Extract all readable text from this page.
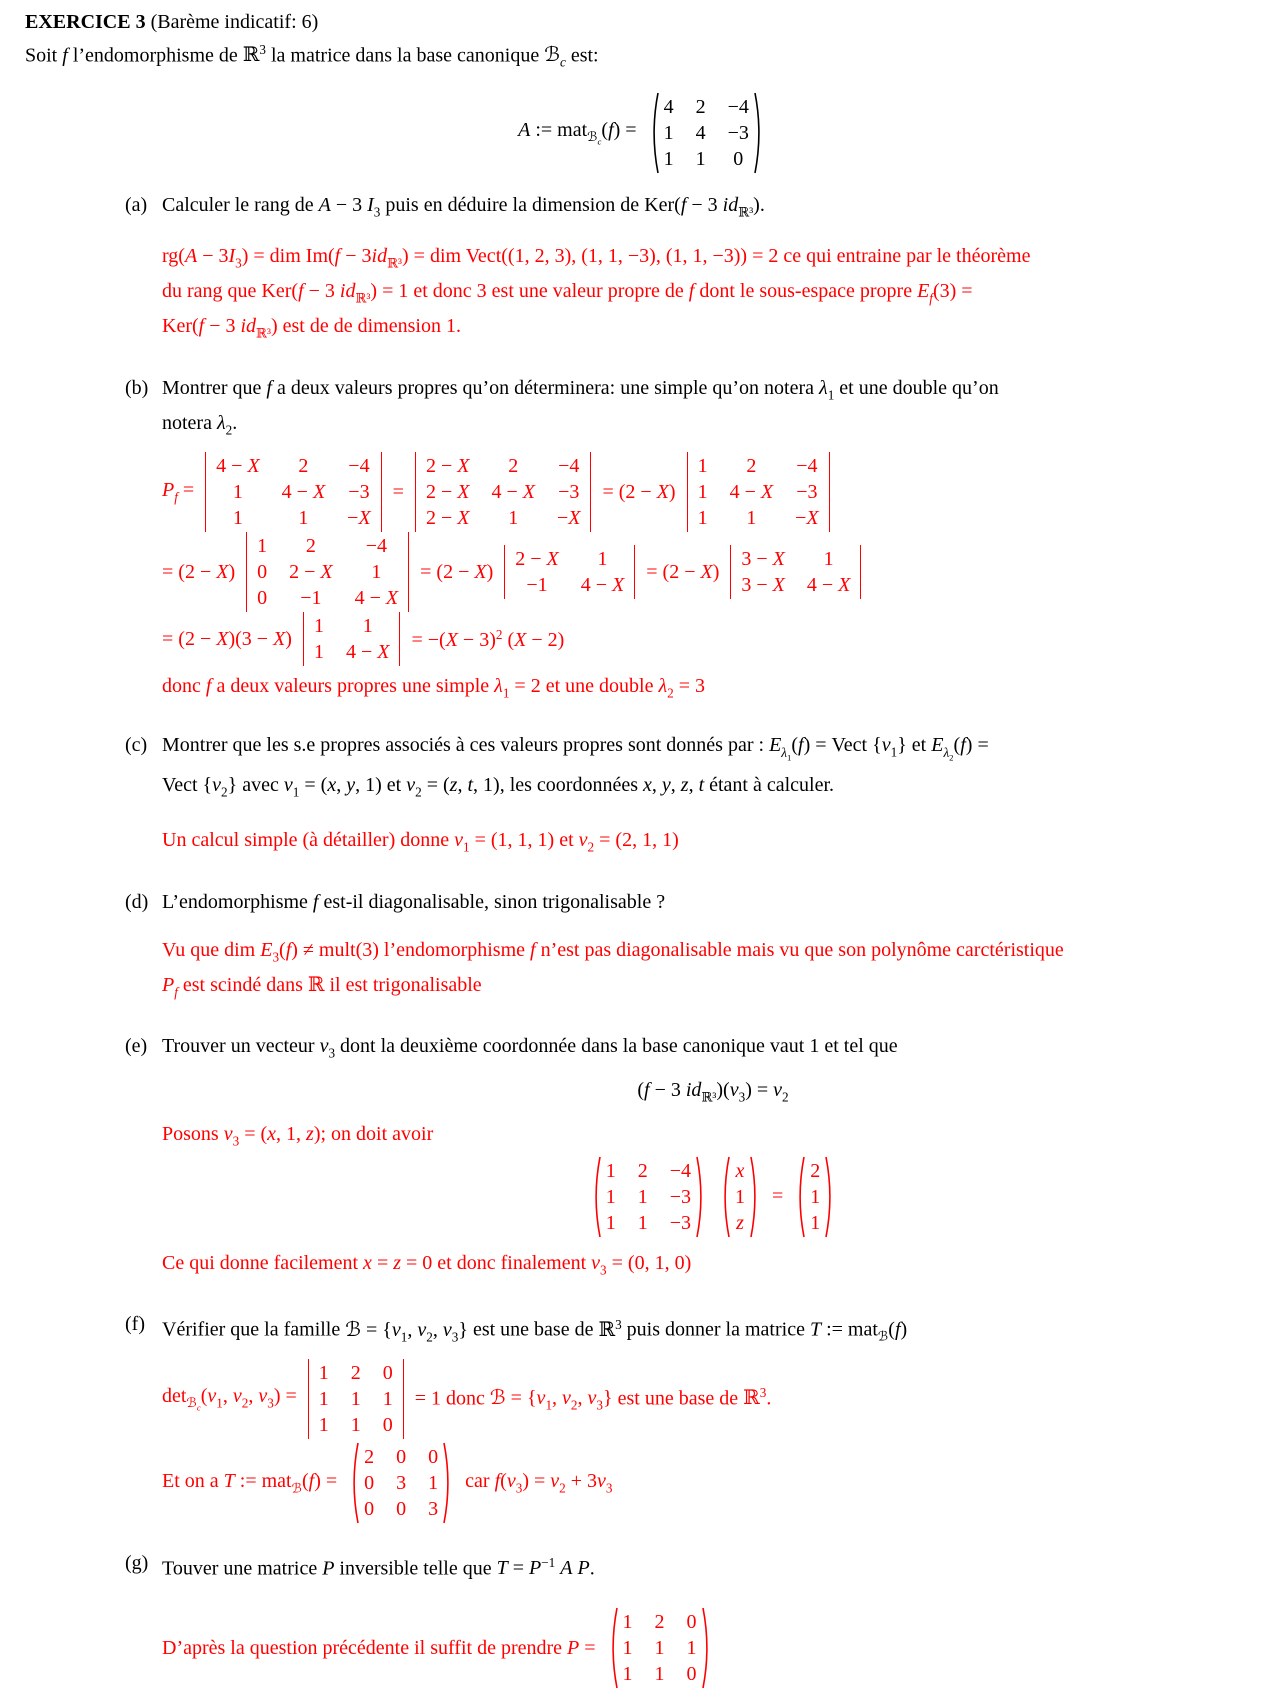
EXERCICE 3 (Barème indicatif: 6)

Soit f l’endomorphisme de ℝ$^3$ la matrice dans la base canonique ℬ$_c$ est:

A := mat$_{ℬ_c}$(f) =
4 2 −4
1 4 −3
1 1 0
(a) Calculer le rang de A − 3 $I_3$ puis en déduire la dimension de Ker(f − 3 $id_{ℝ^3}$).

$rg(A - 3I_3)$ = dim $Im(f - 3id_{ℝ^3})$ = dim Vect((1, 2, 3), (1, 1, −3), (1, 1, −3)) = 2 ce qui entraine par le théorème

du rang que Ker(f − 3 $id_{ℝ^3}) = 1$ et donc 3 est une valeur propre de f dont le sous-espace propre $E_f(3)$ =

Ker(f − 3 $id_{ℝ^3}$) est de de dimension 1.

(b) Montrer que f a deux valeurs propres qu’on déterminera: une simple qu’on notera $\lambda_1$ et une double qu’on

notera $\lambda_2$.

$P_f$ =
4 − X 2 −4
1 4 − X −3
1	1 −X
=
2 − X 2 −4
2 − X 4 − X −3
2 − X 1 −X
= (2 − X)
1 2 −4
1 4 − X −3
1 1 −X
= (2 − X)
1 2 −4
0 2 − X 1
0 −1 4 − X
= (2 − X)
2 − X 1
−1 4 − X
= (2 − X)
3 − X 1
3 − X 4 − X
= (2 − X)(3 − X)
1 1
1 4 − X
= $-(X - 3)^2$ (X − 2)

donc f a deux valeurs propres une simple $\lambda_1 = 2$ et une double $\lambda_2 = 3$

(c) Montrer que les s.e propres associés à ces valeurs propres sont donnés par : $E_{\lambda_1}(f)$ = Vect $\{v_1\}$ et $E_{\lambda_2}(f)$ =

Vect $\{v_2\}$ avec $v_1 = (x$, y, 1) et $v_2 = (z$, t, 1), les coordonnées x, y, z, t étant à calculer.

Un calcul simple (à détailler) donne $v_1 = (1$, 1, 1) et $v_2 = (2$, 1, 1)

(d) L’endomorphisme f est-il diagonalisable, sinon trigonalisable ?

Vu que dim $E_3(f)$ ≠ mult(3) l’endomorphisme f n’est pas diagonalisable mais vu que son polynôme carctéristique

$P_f$ est scindé dans ℝ il est trigonalisable

(e) Trouver un vecteur $v_3$ dont la deuxième coordonnée dans la base canonique vaut 1 et tel que

(f − 3 $id_{ℝ^3})(v_3) = v_2$

Posons $v_3 = (x$, 1, z); on doit avoir

1 2 −4
1 1 −3
1 1 −3
x
1
z
=
2
1
1

Ce qui donne facilement x = z = 0 et donc finalement $v_3 = (0$, 1, 0)

(f) Vérifier que la famille ℬ = {$v_1$, $v_2$, $v_3$} est une base de ℝ$^3$ puis donner la matrice T := mat$_ℬ$(f)

$\det_{ℬ_c}(v_1$, $v_2$, $v_3$) =
1 2 0
1 1 1
1 1 0
= 1 donc ℬ = {$v_1$, $v_2$, $v_3$} est une base de ℝ$^3$.
Et on a T := mat$_ℬ$(f) =
2 0 0
0 3 1
0 0 3
car $f(v_3) = v_2 + 3v_3$
(g) Touver une matrice P inversible telle que $T = P^{-1}$ A P.

D’après la question précédente il suffit de prendre P =
1 2 0
1 1 1
1 1 0
